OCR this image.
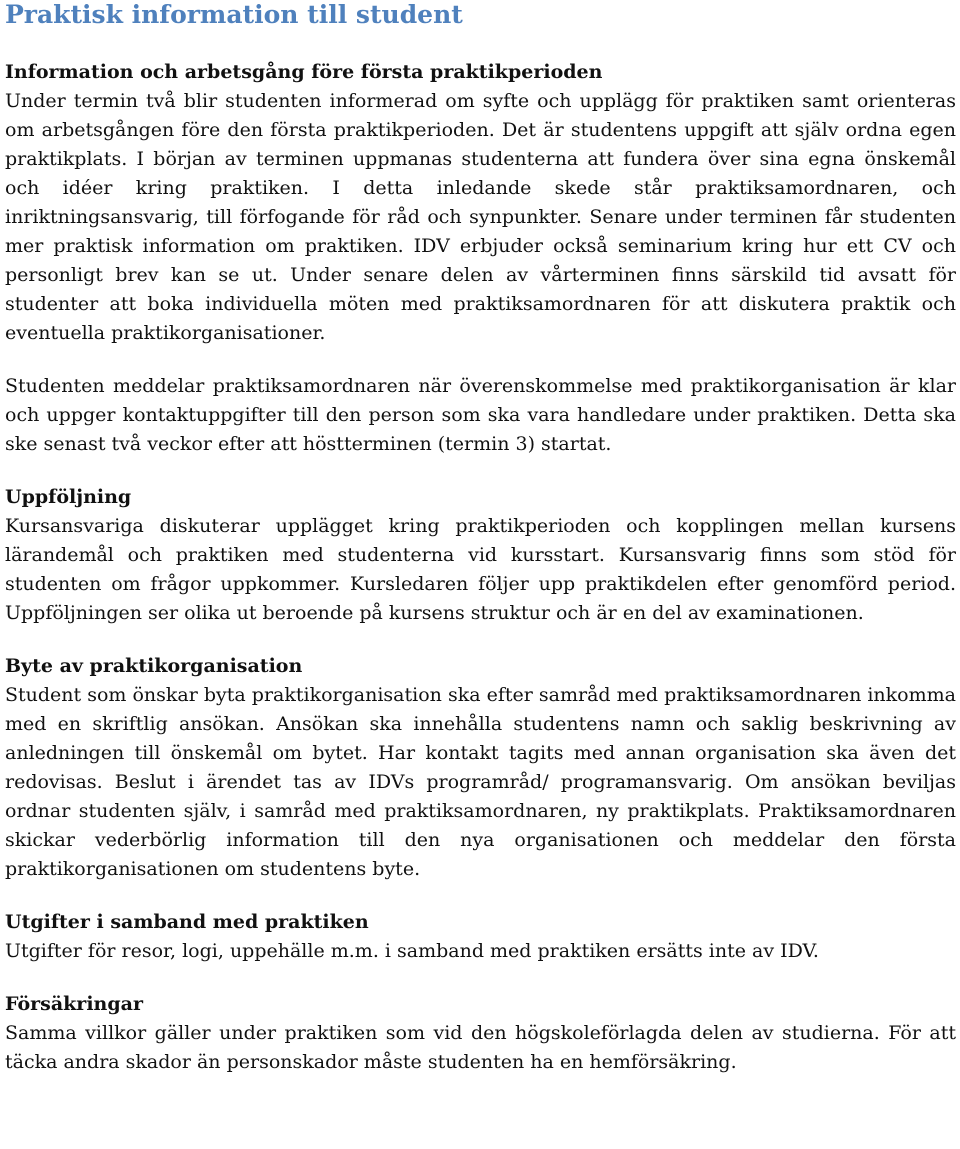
Praktisk information till student
Information och arbetsgång före första praktikperioden

Under termin två blir studenten informerad om syfte och upplägg för praktiken samt orienteras om arbetsgången före den första praktikperioden. Det är studentens uppgift att själv ordna egen praktikplats. I början av terminen uppmanas studenterna att fundera över sina egna önskemål och idéer kring praktiken. I detta inledande skede står praktiksamordnaren, och inriktningsansvarig, till förfogande för råd och synpunkter. Senare under terminen får studenten mer praktisk information om praktiken. IDV erbjuder också seminarium kring hur ett CV och personligt brev kan se ut. Under senare delen av vårterminen finns särskild tid avsatt för studenter att boka individuella möten med praktiksamordnaren för att diskutera praktik och eventuella praktikorganisationer.

Studenten meddelar praktiksamordnaren när överenskommelse med praktikorganisation är klar och uppger kontaktuppgifter till den person som ska vara handledare under praktiken. Detta ska ske senast två veckor efter att höstterminen (termin 3) startat.

Uppföljning

Kursansvariga diskuterar upplägget kring praktikperioden och kopplingen mellan kursens lärandemål och praktiken med studenterna vid kursstart. Kursansvarig finns som stöd för studenten om frågor uppkommer. Kursledaren följer upp praktikdelen efter genomförd period. Uppföljningen ser olika ut beroende på kursens struktur och är en del av examinationen.

Byte av praktikorganisation

Student som önskar byta praktikorganisation ska efter samråd med praktiksamordnaren inkomma med en skriftlig ansökan. Ansökan ska innehålla studentens namn och saklig beskrivning av anledningen till önskemål om bytet. Har kontakt tagits med annan organisation ska även det redovisas. Beslut i ärendet tas av IDVs programråd/ programansvarig. Om ansökan beviljas ordnar studenten själv, i samråd med praktiksamordnaren, ny praktikplats. Praktiksamordnaren skickar vederbörlig information till den nya organisationen och meddelar den första praktikorganisationen om studentens byte.

Utgifter i samband med praktiken

Utgifter för resor, logi, uppehälle m.m. i samband med praktiken ersätts inte av IDV.

Försäkringar

Samma villkor gäller under praktiken som vid den högskoleförlagda delen av studierna. För att täcka andra skador än personskador måste studenten ha en hemförsäkring.
